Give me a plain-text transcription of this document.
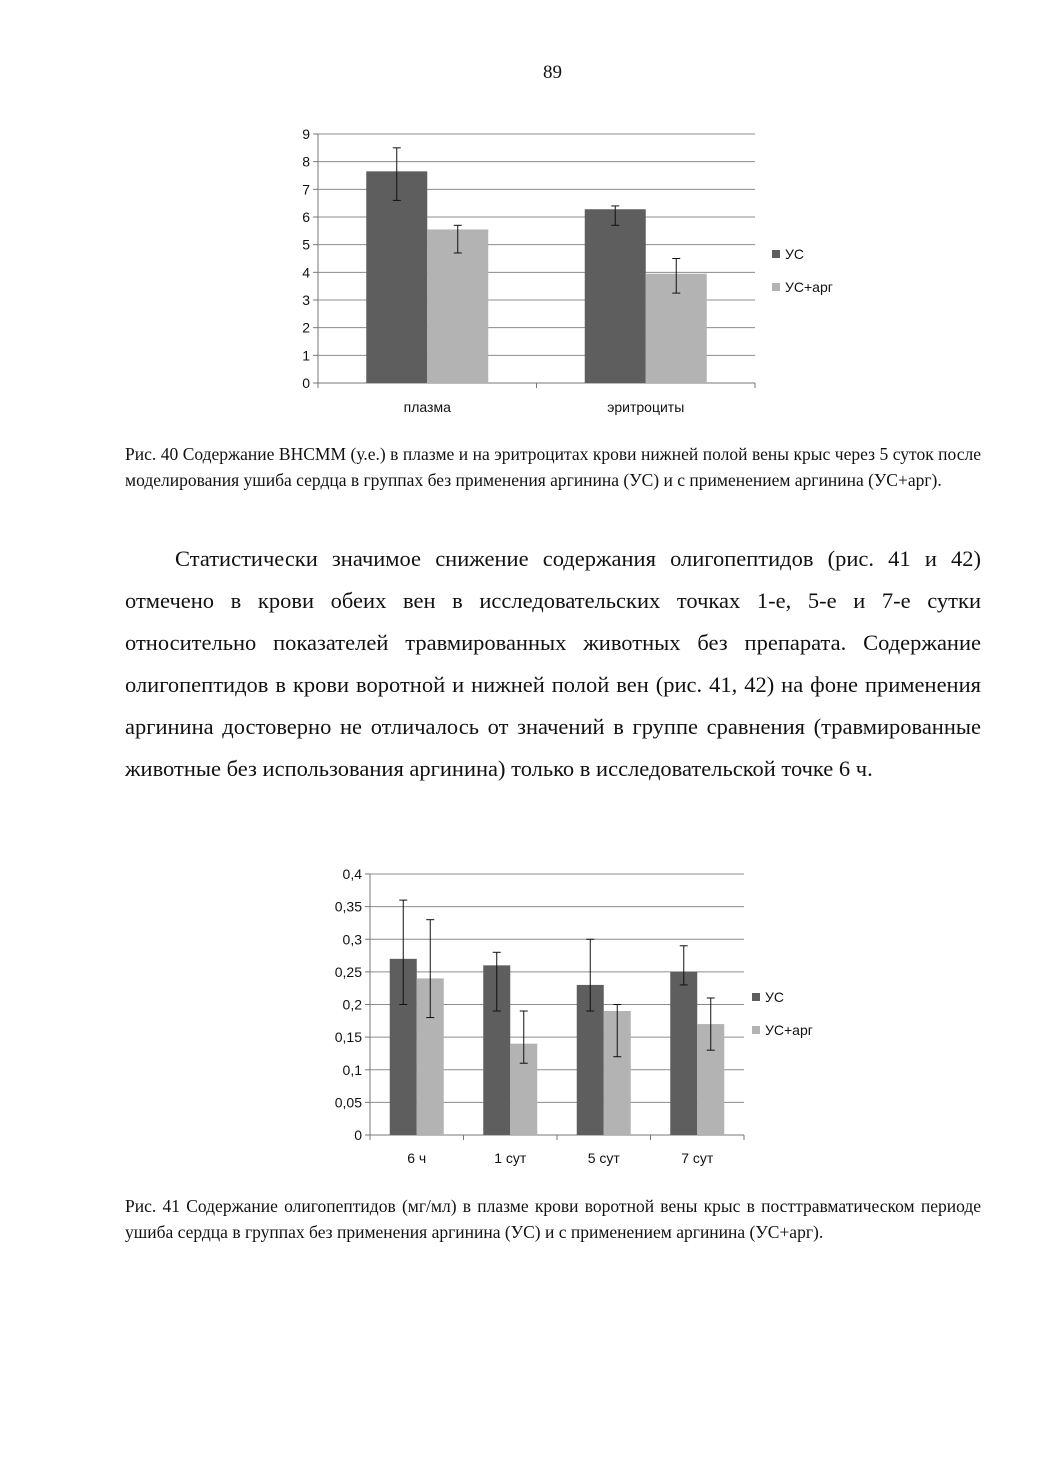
89
0
1
2
3
4
5
6
7
8
9
плазма	эритроциты
УС
УС+арг
Рис. 40 Содержание ВНСММ (у.е.) в плазме и на эритроцитах крови нижней полой вены крыс через 5 суток после моделирования ушиба сердца в группах без применения аргинина (УС) и с применением аргинина (УС+арг).
Статистически значимое снижение содержания олигопептидов (рис. 41 и 42) отмечено в крови обеих вен в исследовательских точках 1-е, 5-е и 7-е сутки относительно показателей травмированных животных без препарата. Содержание олигопептидов в крови воротной и нижней полой вен (рис. 41, 42) на фоне применения аргинина достоверно не отличалось от значений в группе сравнения (травмированные животные без использования аргинина) только в исследовательской точке 6 ч.
0
0,05
0,1
0,15
0,2
0,25
0,3
0,35
0,4
6 ч	1 сут	5 сут	7 сут
УС
УС+арг
Рис. 41 Содержание олигопептидов (мг/мл) в плазме крови воротной вены крыс в посттравматическом периоде ушиба сердца в группах без применения аргинина (УС) и с применением аргинина (УС+арг).
